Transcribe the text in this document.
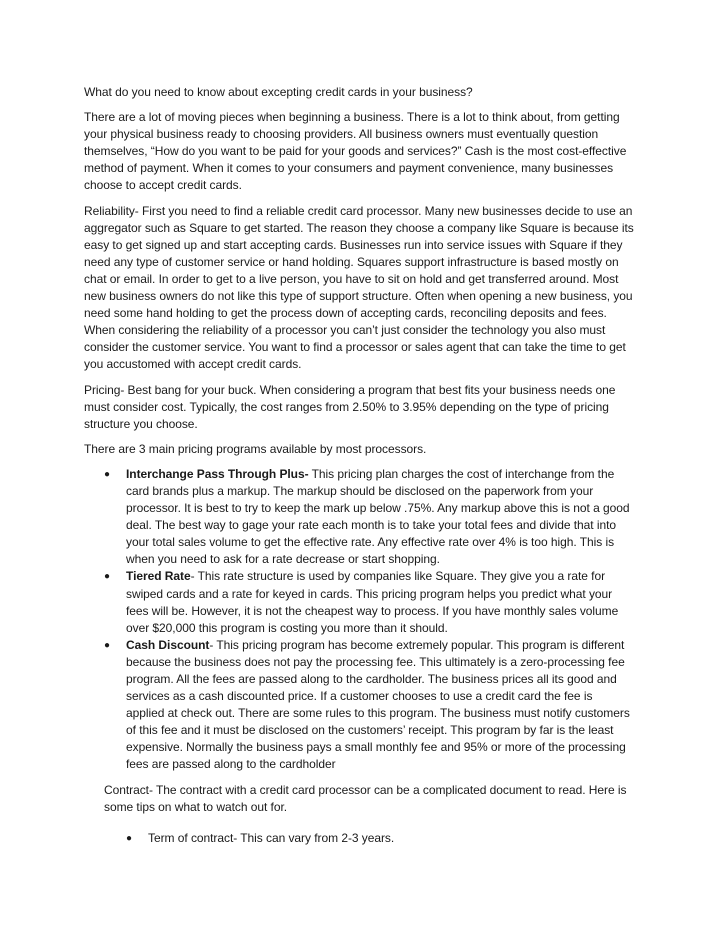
What do you need to know about excepting credit cards in your business?

There are a lot of moving pieces when beginning a business. There is a lot to think about, from getting your physical business ready to choosing providers. All business owners must eventually question themselves, “How do you want to be paid for your goods and services?” Cash is the most cost-effective method of payment. When it comes to your consumers and payment convenience, many businesses choose to accept credit cards.

Reliability- First you need to find a reliable credit card processor. Many new businesses decide to use an aggregator such as Square to get started. The reason they choose a company like Square is because its easy to get signed up and start accepting cards. Businesses run into service issues with Square if they need any type of customer service or hand holding. Squares support infrastructure is based mostly on chat or email. In order to get to a live person, you have to sit on hold and get transferred around. Most new business owners do not like this type of support structure. Often when opening a new business, you need some hand holding to get the process down of accepting cards, reconciling deposits and fees. When considering the reliability of a processor you can’t just consider the technology you also must consider the customer service. You want to find a processor or sales agent that can take the time to get you accustomed with accept credit cards.

Pricing- Best bang for your buck. When considering a program that best fits your business needs one must consider cost. Typically, the cost ranges from 2.50% to 3.95% depending on the type of pricing structure you choose.

There are 3 main pricing programs available by most processors.

● Interchange Pass Through Plus- This pricing plan charges the cost of interchange from the card brands plus a markup. The markup should be disclosed on the paperwork from your processor. It is best to try to keep the mark up below .75%. Any markup above this is not a good deal. The best way to gage your rate each month is to take your total fees and divide that into your total sales volume to get the effective rate. Any effective rate over 4% is too high. This is when you need to ask for a rate decrease or start shopping.
● Tiered Rate- This rate structure is used by companies like Square. They give you a rate for swiped cards and a rate for keyed in cards. This pricing program helps you predict what your fees will be. However, it is not the cheapest way to process. If you have monthly sales volume over $20,000 this program is costing you more than it should.
● Cash Discount- This pricing program has become extremely popular. This program is different because the business does not pay the processing fee. This ultimately is a zero-processing fee program. All the fees are passed along to the cardholder. The business prices all its good and services as a cash discounted price. If a customer chooses to use a credit card the fee is applied at check out. There are some rules to this program. The business must notify customers of this fee and it must be disclosed on the customers’ receipt. This program by far is the least expensive. Normally the business pays a small monthly fee and 95% or more of the processing fees are passed along to the cardholder

Contract- The contract with a credit card processor can be a complicated document to read. Here is some tips on what to watch out for.

● Term of contract- This can vary from 2-3 years.
